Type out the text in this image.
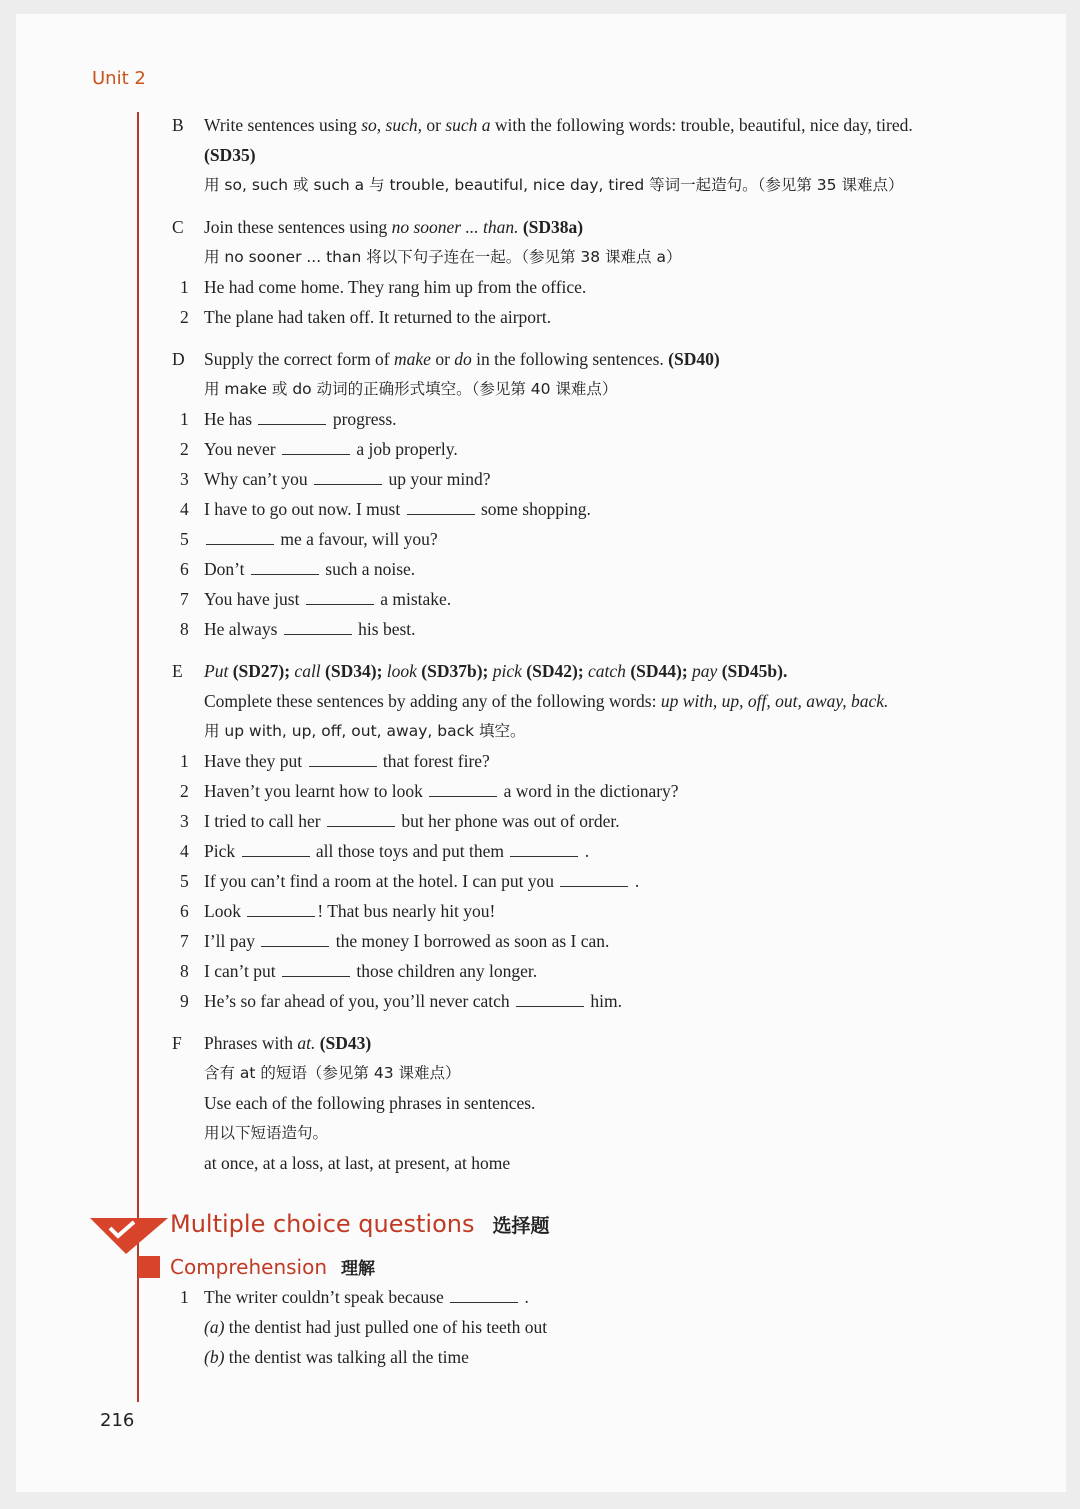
Unit 2
216
B Write sentences using so, such, or such a with the following words: trouble, beautiful, nice day, tired.
(SD35)
用 so, such 或 such a 与 trouble, beautiful, nice day, tired 等词一起造句。（参见第 35 课难点）
C Join these sentences using no sooner ... than. (SD38a)
用 no sooner ... than 将以下句子连在一起。（参见第 38 课难点 a）
1 He had come home. They rang him up from the office.
2 The plane had taken off. It returned to the airport.
D Supply the correct form of make or do in the following sentences. (SD40)
用 make 或 do 动词的正确形式填空。（参见第 40 课难点）
1 He has	progress.
2 You never	a job properly.
3 Why can’t you	up your mind?
4 I have to go out now. I must	some shopping.
5	me a favour, will you?
6 Don’t	such a noise.
7 You have just	a mistake.
8 He always	his best.
E Put (SD27); call (SD34); look (SD37b); pick (SD42); catch (SD44); pay (SD45b).
Complete these sentences by adding any of the following words: up with, up, off, out, away, back.
用 up with, up, off, out, away, back 填空。
1 Have they put	that forest fire?
2 Haven’t you learnt how to look	a word in the dictionary?
3 I tried to call her	but her phone was out of order.
4 Pick	all those toys and put them	.
5 If you can’t find a room at the hotel. I can put you	.
6 Look	! That bus nearly hit you!
7 I’ll pay	the money I borrowed as soon as I can.
8 I can’t put	those children any longer.
9 He’s so far ahead of you, you’ll never catch	him.
F Phrases with at. (SD43)
含有 at 的短语（参见第 43 课难点）
Use each of the following phrases in sentences.
用以下短语造句。
at once, at a loss, at last, at present, at home
Multiple choice questions 选择题
Comprehension 理解
1 The writer couldn’t speak because	.
(a) the dentist had just pulled one of his teeth out
(b) the dentist was talking all the time
